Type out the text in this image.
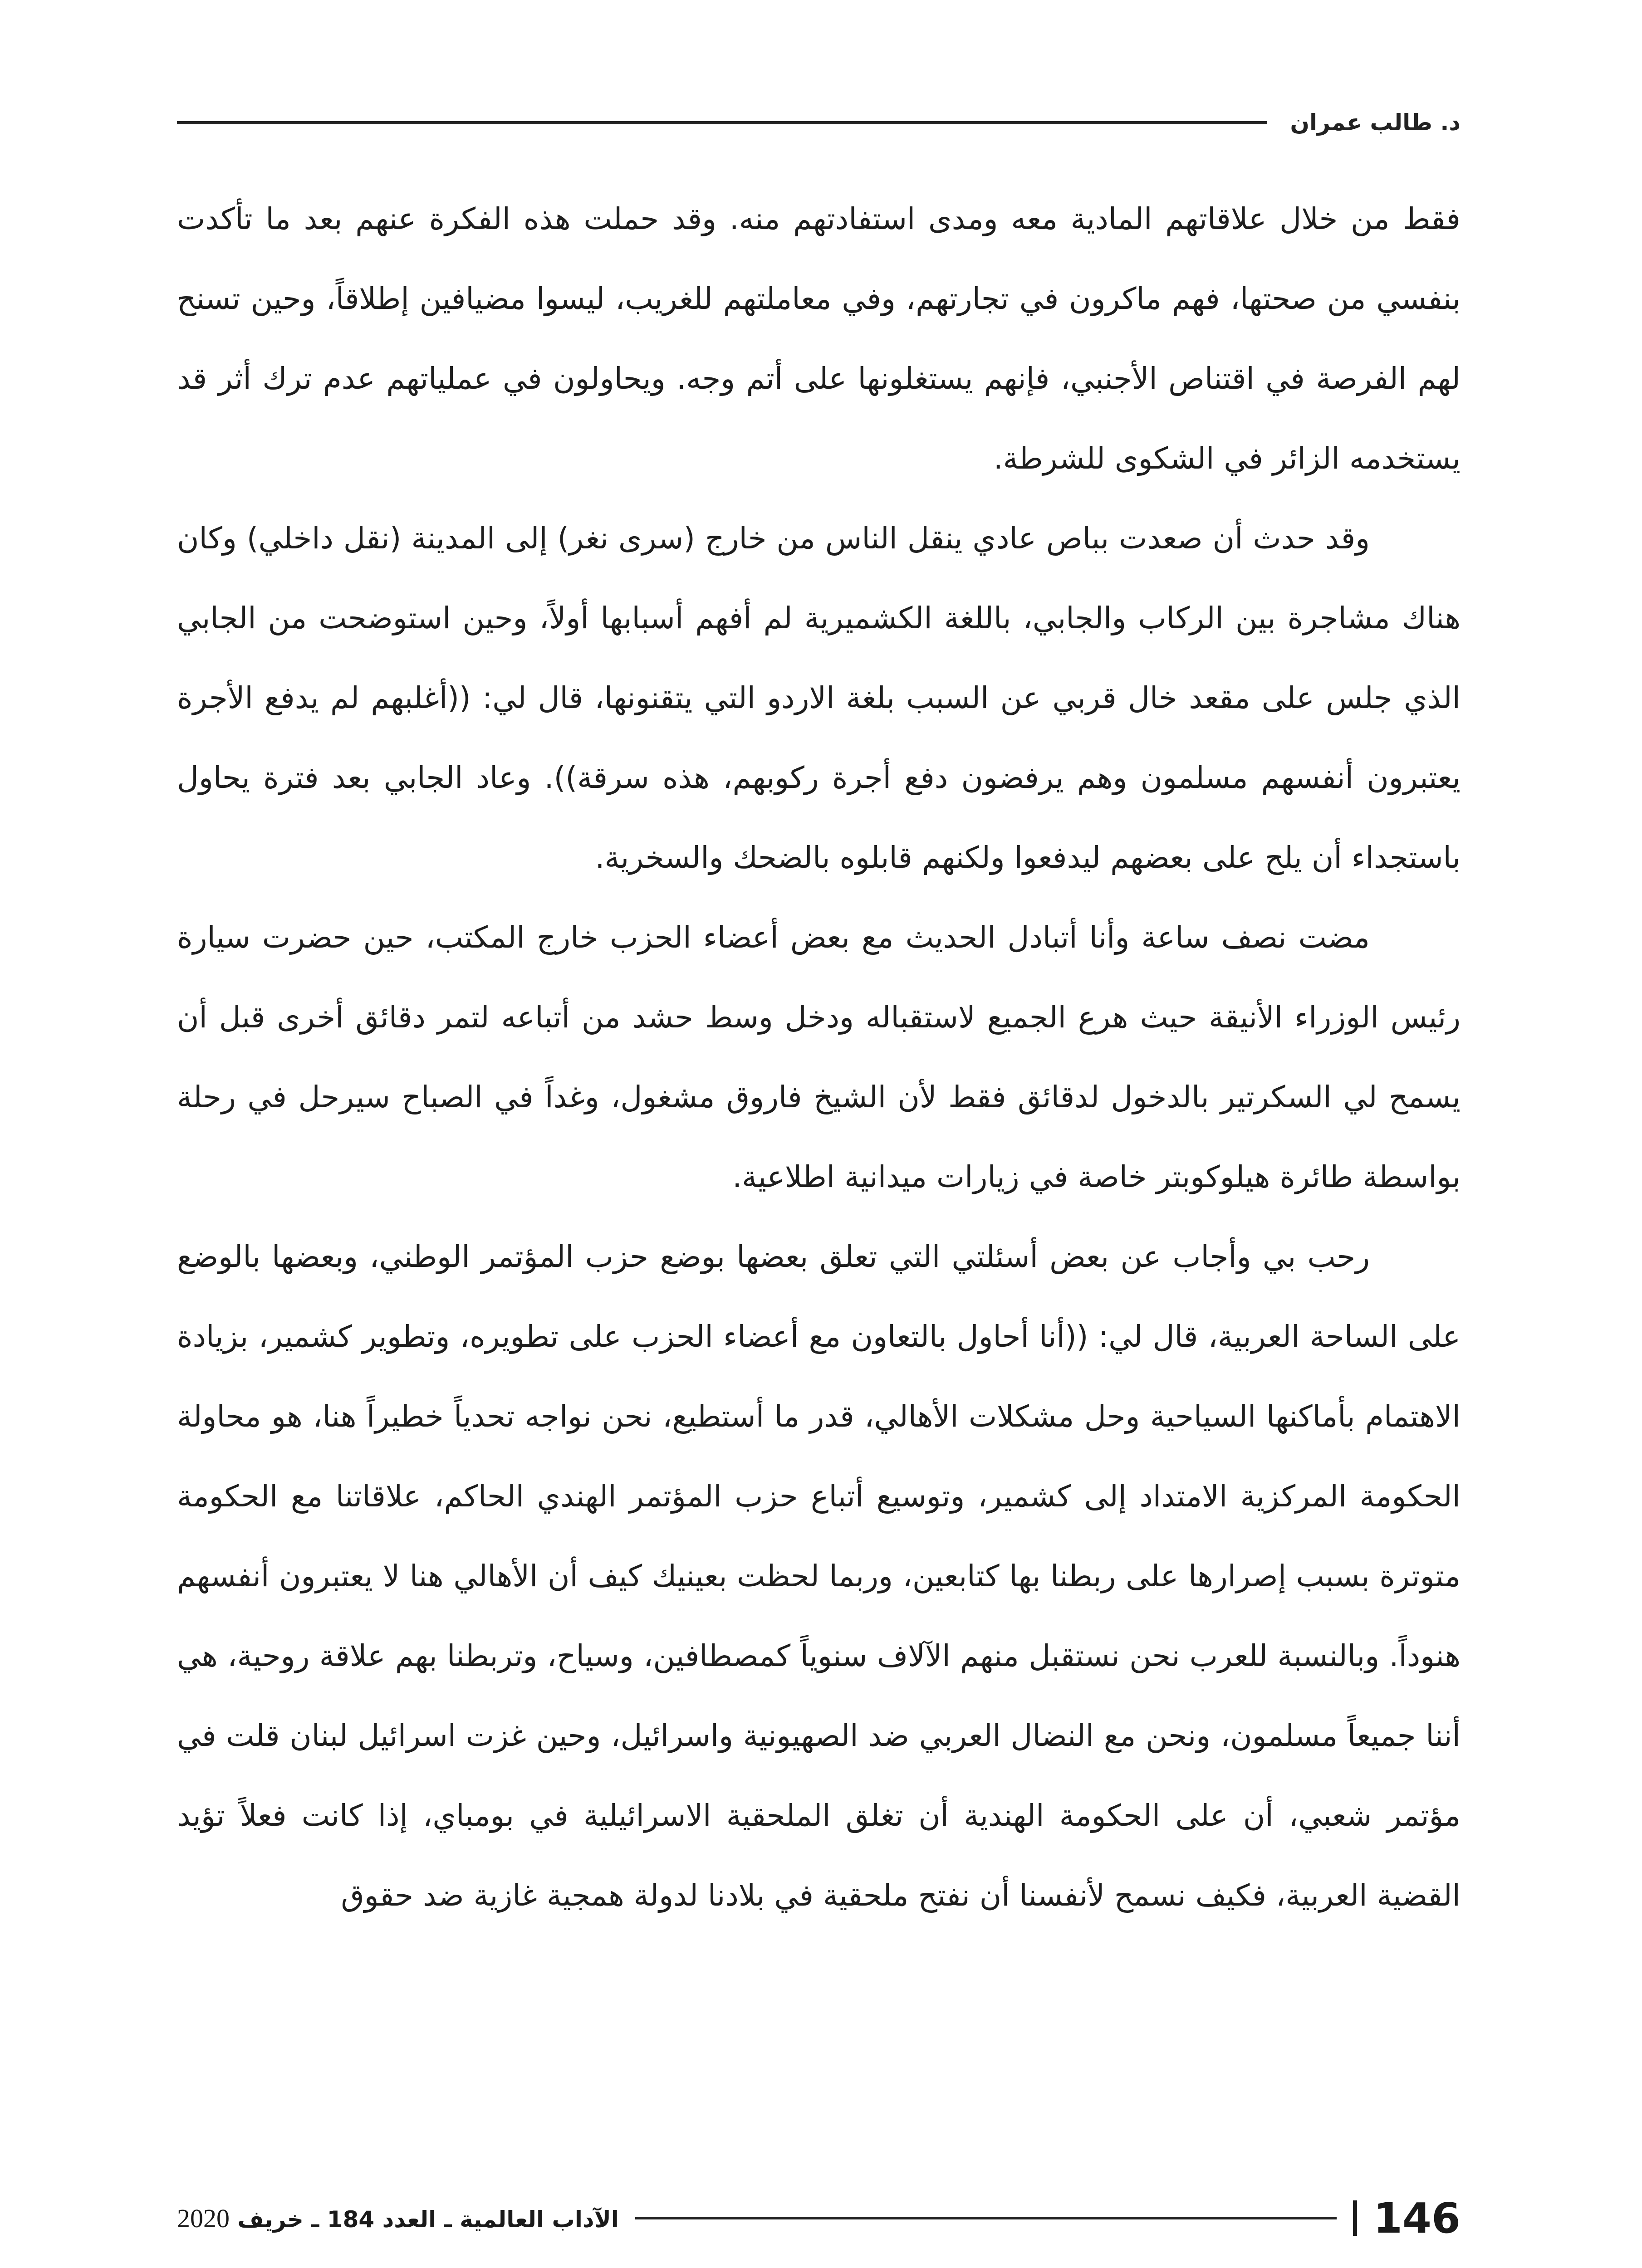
د. طالب عمران

فقط من خلال علاقاتهم المادية معه ومدى استفادتهم منه. وقد حملت هذه الفكرة عنهم بعد ما تأكدت بنفسي من صحتها، فهم ماكرون في تجارتهم، وفي معاملتهم للغريب، ليسوا مضيافين إطلاقاً، وحين تسنح لهم الفرصة في اقتناص الأجنبي، فإنهم يستغلونها على أتم وجه. ويحاولون في عملياتهم عدم ترك أثر قد يستخدمه الزائر في الشكوى للشرطة.

وقد حدث أن صعدت بباص عادي ينقل الناس من خارج (سرى نغر) إلى المدينة (نقل داخلي) وكان هناك مشاجرة بين الركاب والجابي، باللغة الكشميرية لم أفهم أسبابها أولاً، وحين استوضحت من الجابي الذي جلس على مقعد خال قربي عن السبب بلغة الاردو التي يتقنونها، قال لي: ((أغلبهم لم يدفع الأجرة يعتبرون أنفسهم مسلمون وهم يرفضون دفع أجرة ركوبهم، هذه سرقة)). وعاد الجابي بعد فترة يحاول باستجداء أن يلح على بعضهم ليدفعوا ولكنهم قابلوه بالضحك والسخرية.

مضت نصف ساعة وأنا أتبادل الحديث مع بعض أعضاء الحزب خارج المكتب، حين حضرت سيارة رئيس الوزراء الأنيقة حيث هرع الجميع لاستقباله ودخل وسط حشد من أتباعه لتمر دقائق أخرى قبل أن يسمح لي السكرتير بالدخول لدقائق فقط لأن الشيخ فاروق مشغول، وغداً في الصباح سيرحل في رحلة بواسطة طائرة هيلوكوبتر خاصة في زيارات ميدانية اطلاعية.

رحب بي وأجاب عن بعض أسئلتي التي تعلق بعضها بوضع حزب المؤتمر الوطني، وبعضها بالوضع على الساحة العربية، قال لي: ((أنا أحاول بالتعاون مع أعضاء الحزب على تطويره، وتطوير كشمير، بزيادة الاهتمام بأماكنها السياحية وحل مشكلات الأهالي، قدر ما أستطيع، نحن نواجه تحدياً خطيراً هنا، هو محاولة الحكومة المركزية الامتداد إلى كشمير، وتوسيع أتباع حزب المؤتمر الهندي الحاكم، علاقاتنا مع الحكومة متوترة بسبب إصرارها على ربطنا بها كتابعين، وربما لحظت بعينيك كيف أن الأهالي هنا لا يعتبرون أنفسهم هنوداً. وبالنسبة للعرب نحن نستقبل منهم الآلاف سنوياً كمصطافين، وسياح، وتربطنا بهم علاقة روحية، هي أننا جميعاً مسلمون، ونحن مع النضال العربي ضد الصهيونية واسرائيل، وحين غزت اسرائيل لبنان قلت في مؤتمر شعبي، أن على الحكومة الهندية أن تغلق الملحقية الاسرائيلية في بومباي، إذا كانت فعلاً تؤيد القضية العربية، فكيف نسمح لأنفسنا أن نفتح ملحقية في بلادنا لدولة همجية غازية ضد حقوق

146
الآداب العالمية ـ العدد 184 ـ خريف 2020
